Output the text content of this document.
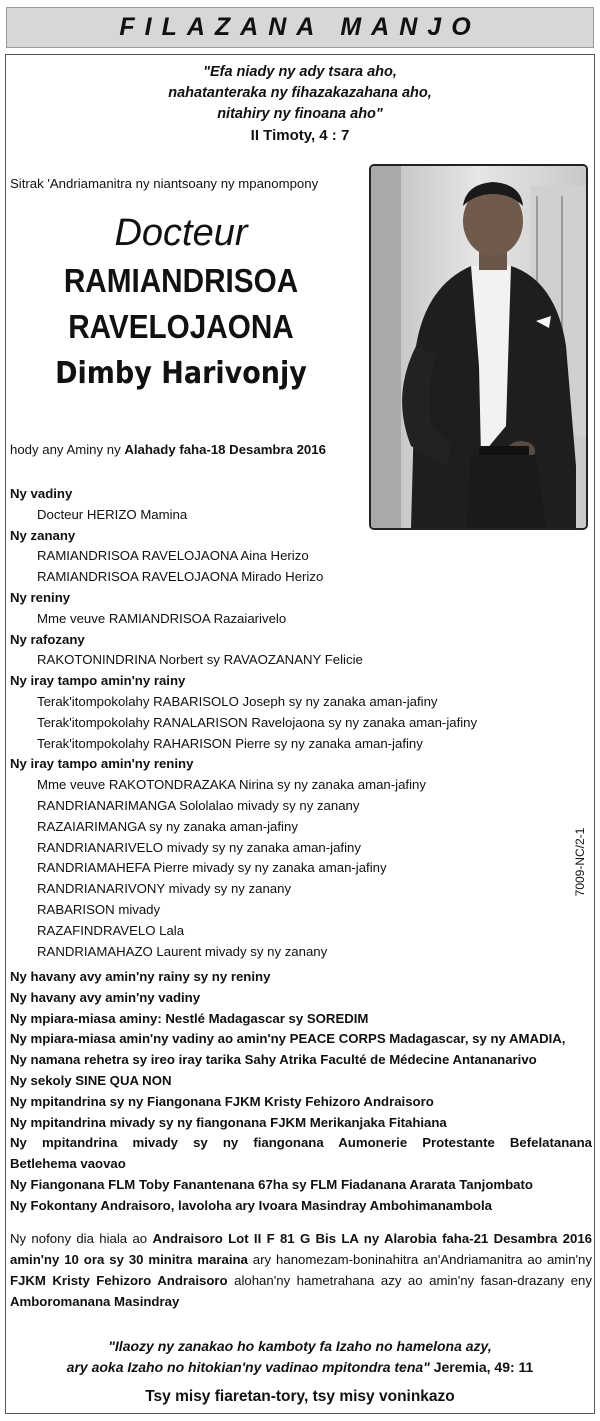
FILAZANA MANJO
"Efa niady ny ady tsara aho,
nahatanteraka ny fihazakazahana aho,
nitahiry ny finoana aho"
II Timoty, 4 : 7
Sitrak 'Andriamanitra ny niantsoany ny mpanompony
Docteur
RAMIANDRISOA
RAVELOJAONA
Dimby Harivonjy
hody any Aminy ny Alahady faha-18 Desambra 2016
Ny vadiny
Docteur HERIZO Mamina
Ny zanany
RAMIANDRISOA RAVELOJAONA Aina Herizo
RAMIANDRISOA RAVELOJAONA Mirado Herizo
Ny reniny
Mme veuve RAMIANDRISOA Razaiarivelo
Ny rafozany
RAKOTONINDRINA Norbert sy RAVAOZANANY Felicie
Ny iray tampo amin'ny rainy
Terak'itompokolahy RABARISOLO Joseph sy ny zanaka aman-jafiny
Terak'itompokolahy RANALARISON Ravelojaona sy ny zanaka aman-jafiny
Terak'itompokolahy RAHARISON Pierre sy ny zanaka aman-jafiny
Ny iray tampo amin'ny reniny
Mme veuve RAKOTONDRAZAKA Nirina sy ny zanaka aman-jafiny
RANDRIANARIMANGA Sololalao mivady sy ny zanany
RAZAIARIMANGA sy ny zanaka aman-jafiny
RANDRIANARIVELO mivady sy ny zanaka aman-jafiny
RANDRIAMAHEFA Pierre mivady sy ny zanaka aman-jafiny
RANDRIANARIVONY mivady sy ny zanany
RABARISON mivady
RAZAFINDRAVELO Lala
RANDRIAMAHAZO Laurent mivady sy ny zanany
7009-NC/2-1
Ny havany avy amin'ny rainy sy ny reniny
Ny havany avy amin'ny vadiny
Ny mpiara-miasa aminy: Nestlé Madagascar sy SOREDIM
Ny mpiara-miasa amin'ny vadiny ao amin'ny PEACE CORPS Madagascar, sy ny AMADIA,
Ny namana rehetra sy ireo iray tarika Sahy Atrika Faculté de Médecine Antananarivo
Ny sekoly SINE QUA NON
Ny mpitandrina sy ny Fiangonana FJKM Kristy Fehizoro Andraisoro
Ny mpitandrina mivady sy ny fiangonana FJKM Merikanjaka Fitahiana
Ny mpitandrina mivady sy ny fiangonana Aumonerie Protestante Befelatanana
Betlehema vaovao
Ny Fiangonana FLM Toby Fanantenana 67ha sy FLM Fiadanana Ararata Tanjombato
Ny Fokontany Andraisoro, lavoloha ary Ivoara Masindray Ambohimanambola
Ny nofony dia hiala ao Andraisoro Lot II F 81 G Bis LA ny Alarobia faha-21 Desambra 2016 amin'ny 10 ora sy 30 minitra maraina ary hanomezam-boninahitra an'Andriamanitra ao amin'ny FJKM Kristy Fehizoro Andraisoro alohan'ny hametrahana azy ao amin'ny fasan-drazany eny Amboromanana Masindray
"Ilaozy ny zanakao ho kamboty fa Izaho no hamelona azy,
ary aoka Izaho no hitokian'ny vadinao mpitondra tena" Jeremia, 49: 11
Tsy misy fiaretan-tory, tsy misy voninkazo
